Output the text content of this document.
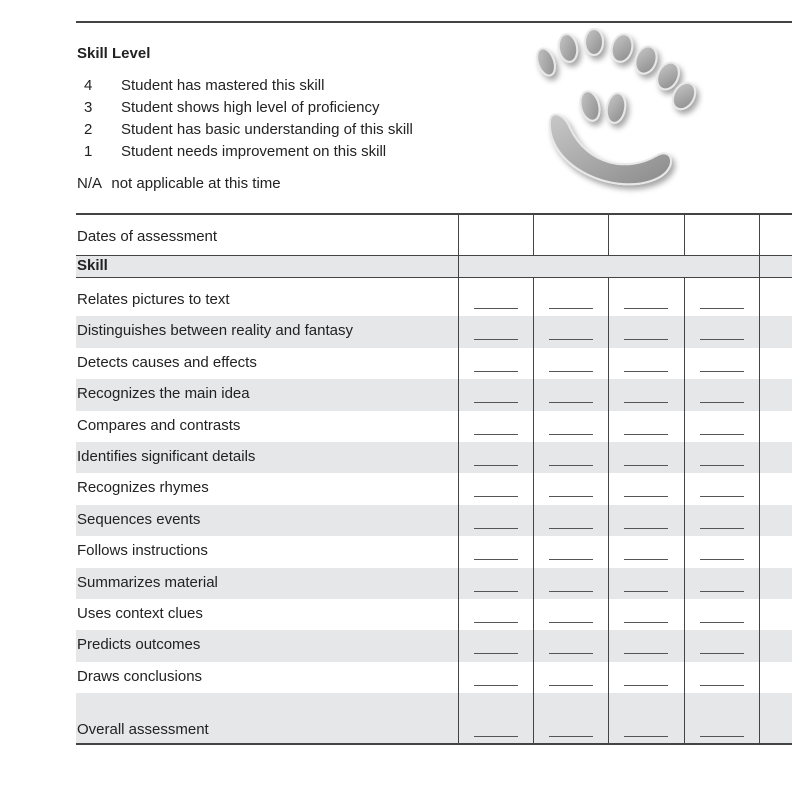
Skill Level
4	Student has mastered this skill
3	Student shows high level of proficiency
2	Student has basic understanding of this skill
1	Student needs improvement on this skill
N/A not applicable at this time
Dates of assessment
Skill
Relates pictures to text
Distinguishes between reality and fantasy
Detects causes and effects
Recognizes the main idea
Compares and contrasts
Identifies significant details
Recognizes rhymes
Sequences events
Follows instructions
Summarizes material
Uses context clues
Predicts outcomes
Draws conclusions
Overall assessment
